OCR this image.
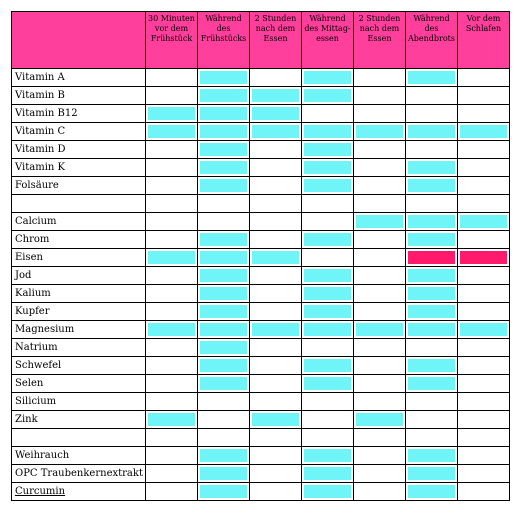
	30 Minuten vor dem Frühstück	Während des Frühstücks	2 Stunden nach dem Essen	Während des Mittag-essen	2 Stunden nach dem Essen	Während des Abendbrots	Vor dem Schlafen
Vitamin A		

Vitamin B		

Vitamin B12	

Vitamin C	

Vitamin D		

Vitamin K		

Folsäure		

Calcium					

Chrom		

Eisen	

Jod		

Kalium		

Kupfer		

Magnesium	

Natrium		

Schwefel		

Selen		

Silicium							
Zink	

Weihrauch		

OPC Traubenkernextrakt		

Curcumin		
